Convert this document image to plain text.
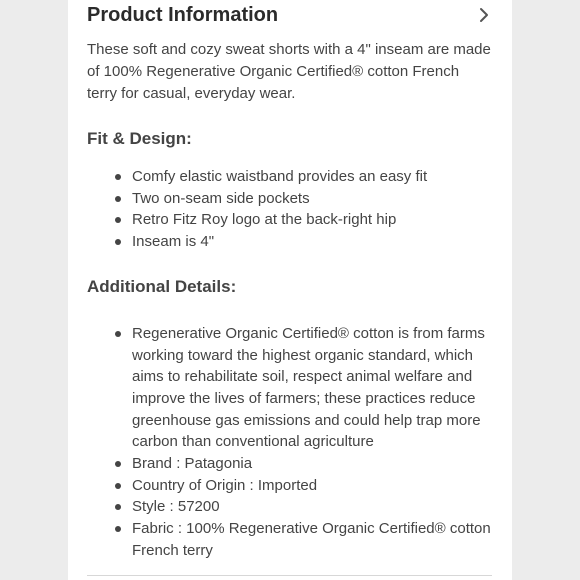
Product Information

These soft and cozy sweat shorts with a 4" inseam are made of 100% Regenerative Organic Certified® cotton French terry for casual, everyday wear.

Fit & Design:
Comfy elastic waistband provides an easy fit
Two on-seam side pockets
Retro Fitz Roy logo at the back-right hip
Inseam is 4"
Additional Details:
Regenerative Organic Certified® cotton is from farms working toward the highest organic standard, which aims to rehabilitate soil, respect animal welfare and improve the lives of farmers; these practices reduce greenhouse gas emissions and could help trap more carbon than conventional agriculture
Brand : Patagonia
Country of Origin : Imported
Style : 57200
Fabric : 100% Regenerative Organic Certified® cotton French terry
